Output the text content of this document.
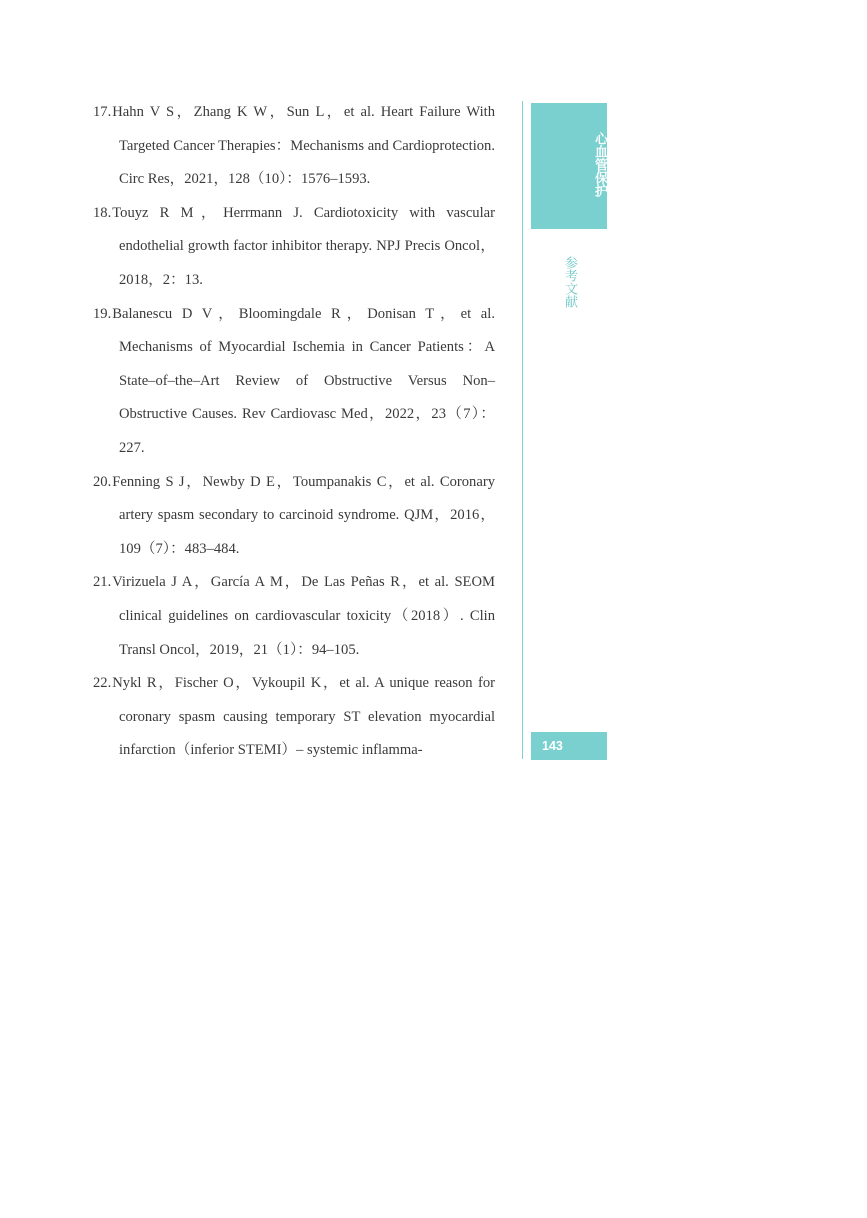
17.Hahn V S，Zhang K W，Sun L，et al. Heart Failure With Targeted Cancer Therapies：Mechanisms and Cardioprotection. Circ Res，2021，128（10）：1576–1593.

18.Touyz R M，Herrmann J. Cardiotoxicity with vascular endothelial growth factor inhibitor therapy. NPJ Precis Oncol，2018，2：13.

19.Balanescu D V，Bloomingdale R，Donisan T，et al. Mechanisms of Myocardial Ischemia in Cancer Patients：A State–of–the–Art Review of Obstructive Versus Non–Obstructive Causes. Rev Cardiovasc Med，2022，23（7）：227.

20.Fenning S J，Newby D E，Toumpanakis C，et al. Coronary artery spasm secondary to carcinoid syndrome. QJM，2016，109（7）：483–484.

21.Virizuela J A，García A M，De Las Peñas R，et al. SEOM clinical guidelines on cardiovascular toxicity（2018）. Clin Transl Oncol，2019，21（1）：94–105.

22.Nykl R，Fischer O，Vykoupil K，et al. A unique reason for coronary spasm causing temporary ST elevation myocardial infarction（inferior STEMI）– systemic inflamma-

心血管保护
参考文献
143
